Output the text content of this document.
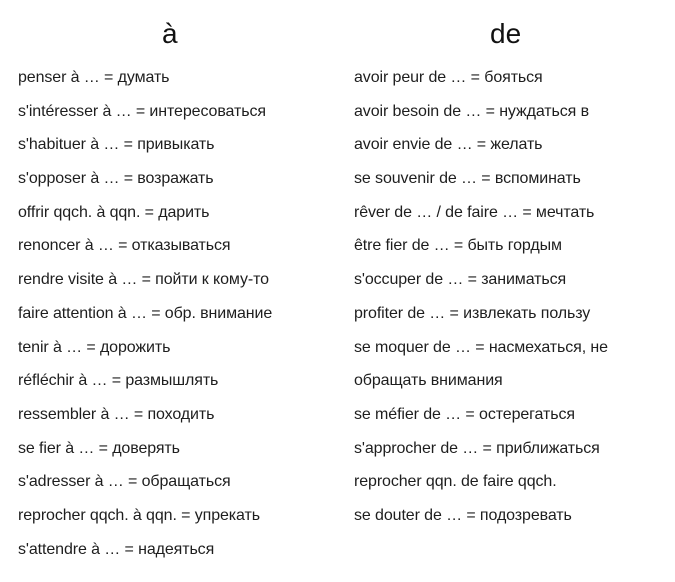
à
penser à … = думать
s'intéresser à … = интересоваться
s'habituer à … = привыкать
s'opposer à … = возражать
offrir qqch. à qqn. = дарить
renoncer à … = отказываться
rendre visite à … = пойти к кому-то
faire attention à … = обр. внимание
tenir à … = дорожить
réfléchir à … = размышлять
ressembler à … = походить
se fier à … = доверять
s'adresser à … = обращаться
reprocher qqch. à qqn. = упрекать
s'attendre à … = надеяться
de
avoir peur de … = бояться
avoir besoin de … = нуждаться в
avoir envie de … = желать
se souvenir de … = вспоминать
rêver de … / de faire … = мечтать
être fier de … = быть гордым
s'occuper de … = заниматься
profiter de … = извлекать пользу
se moquer de … = насмехаться, не
обращать внимания
se méfier de … = остерегаться
s'approcher de … = приближаться
reprocher qqn. de faire qqch.
se douter de … = подозревать
